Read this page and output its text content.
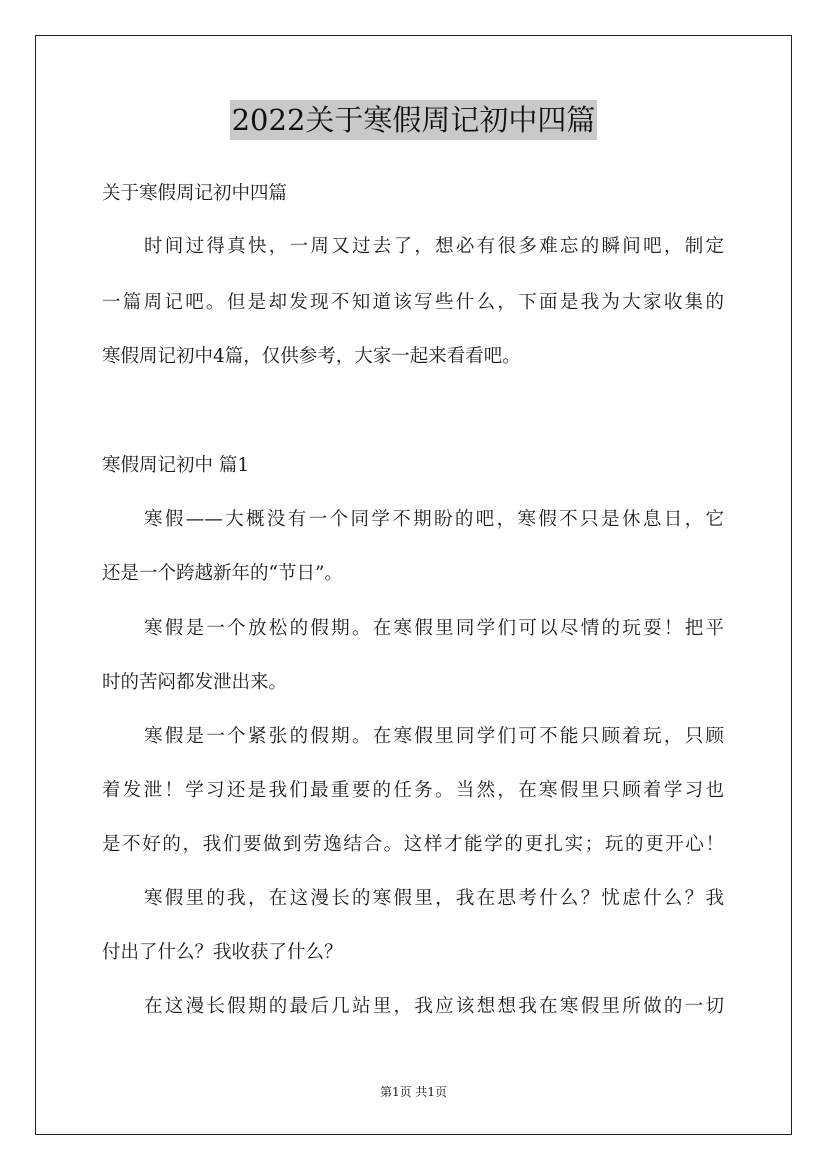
2022关于寒假周记初中四篇
关于寒假周记初中四篇
时间过得真快，一周又过去了，想必有很多难忘的瞬间吧，制定
一篇周记吧。但是却发现不知道该写些什么，下面是我为大家收集的
寒假周记初中4篇，仅供参考，大家一起来看看吧。
寒假周记初中 篇1
寒假——大概没有一个同学不期盼的吧，寒假不只是休息日，它
还是一个跨越新年的“节日”。
寒假是一个放松的假期。在寒假里同学们可以尽情的玩耍！把平
时的苦闷都发泄出来。
寒假是一个紧张的假期。在寒假里同学们可不能只顾着玩，只顾
着发泄！学习还是我们最重要的任务。当然，在寒假里只顾着学习也
是不好的，我们要做到劳逸结合。这样才能学的更扎实；玩的更开心！
寒假里的我，在这漫长的寒假里，我在思考什么？忧虑什么？我
付出了什么？我收获了什么？
在这漫长假期的最后几站里，我应该想想我在寒假里所做的一切
第1页 共1页
